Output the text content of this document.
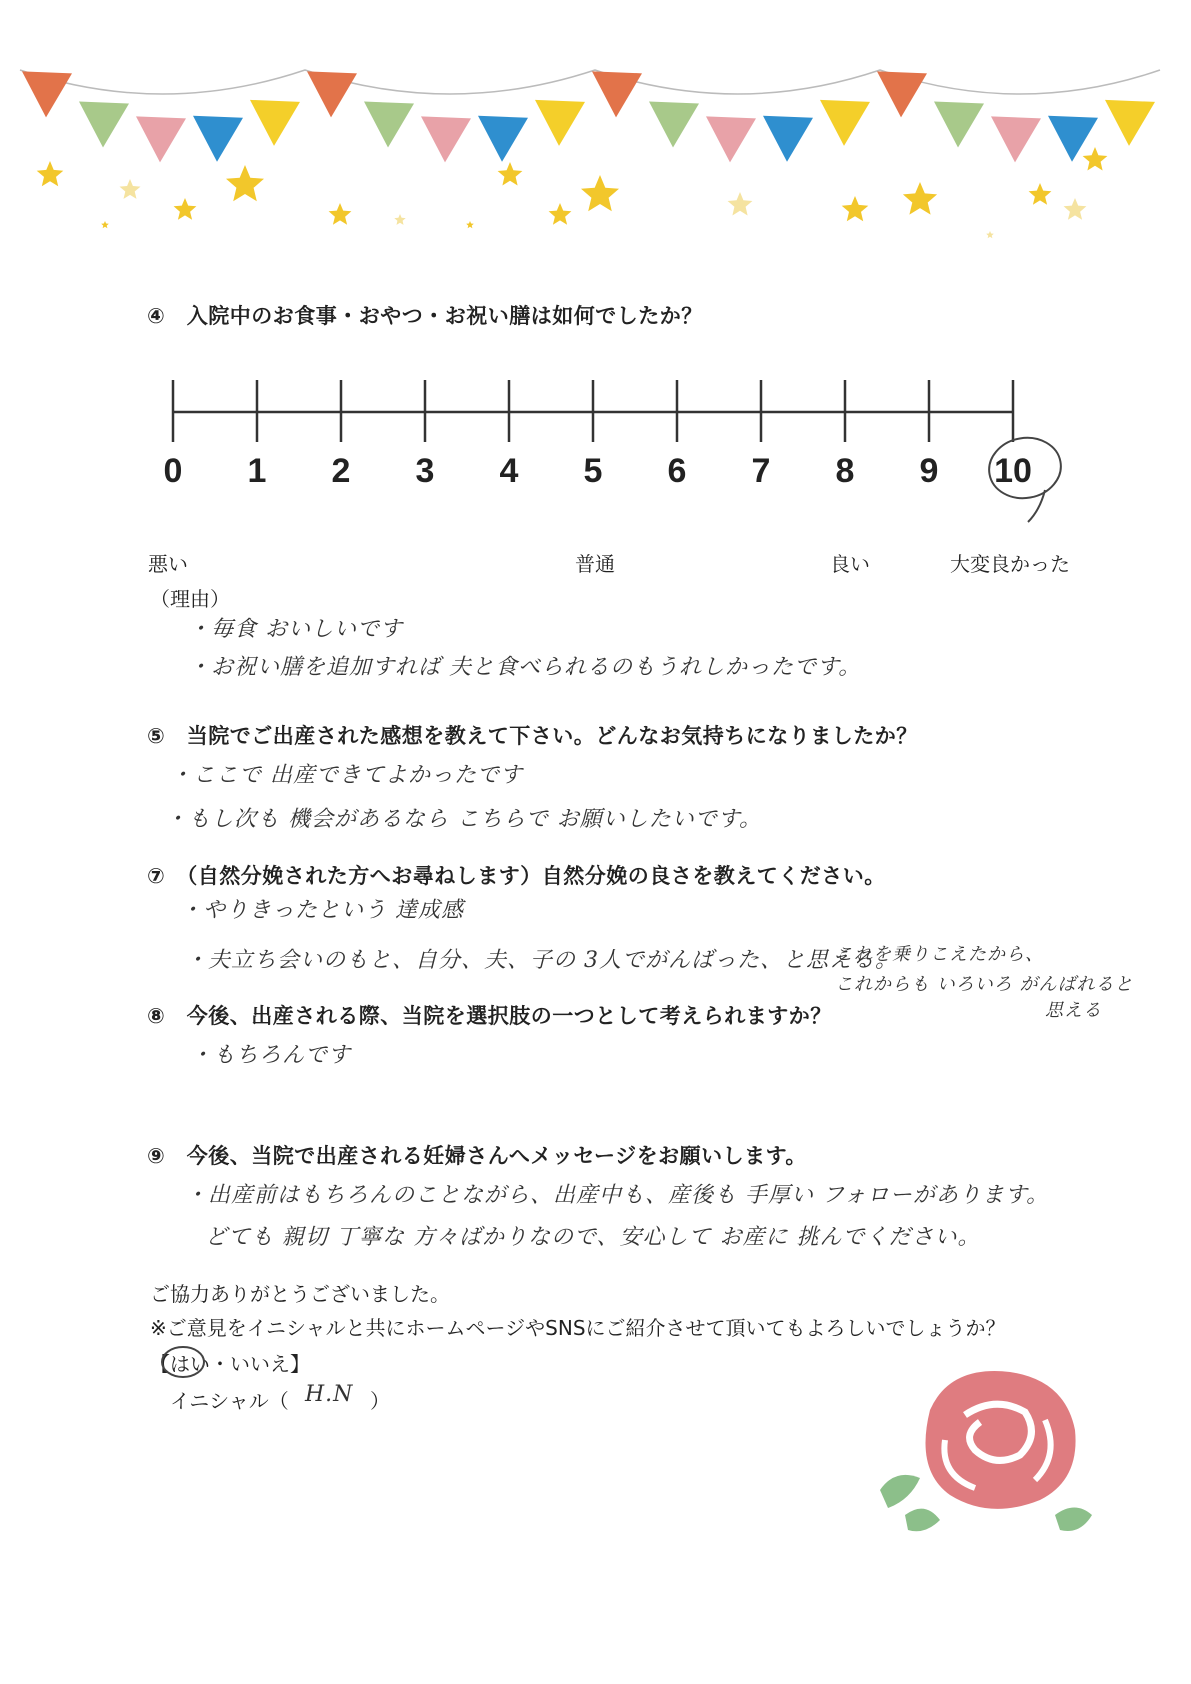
④　入院中のお食事・おやつ・お祝い膳は如何でしたか？
0	1	2	3	4	5	6	7	8	9	10
悪い	普通	良い	大変良かった
（理由）
・毎食 おいしいです
・お祝い膳を追加すれば 夫と食べられるのもうれしかったです。
⑤　当院でご出産された感想を教えて下さい。どんなお気持ちになりましたか？
・ここで 出産できてよかったです
・もし次も 機会があるなら こちらで お願いしたいです。
⑦　（自然分娩された方へお尋ねします）自然分娩の良さを教えてください。
・やりきったという 達成感
・夫立ち会いのもと、自分、夫、子の 3人でがんばった、と思える。
これを乗りこえたから、
これからも いろいろ がんばれると
思える
⑧　今後、出産される際、当院を選択肢の一つとして考えられますか？
・もちろんです
⑨　今後、当院で出産される妊婦さんへメッセージをお願いします。
・出産前はもちろんのことながら、出産中も、産後も 手厚い フォローがあります。
どても 親切 丁寧な 方々ばかりなので、安心して お産に 挑んでください。
ご協力ありがとうございました。
※ご意見をイニシャルと共にホームページやSNSにご紹介させて頂いてもよろしいでしょうか？
【はい・いいえ】
イニシャル（ H.N ）
